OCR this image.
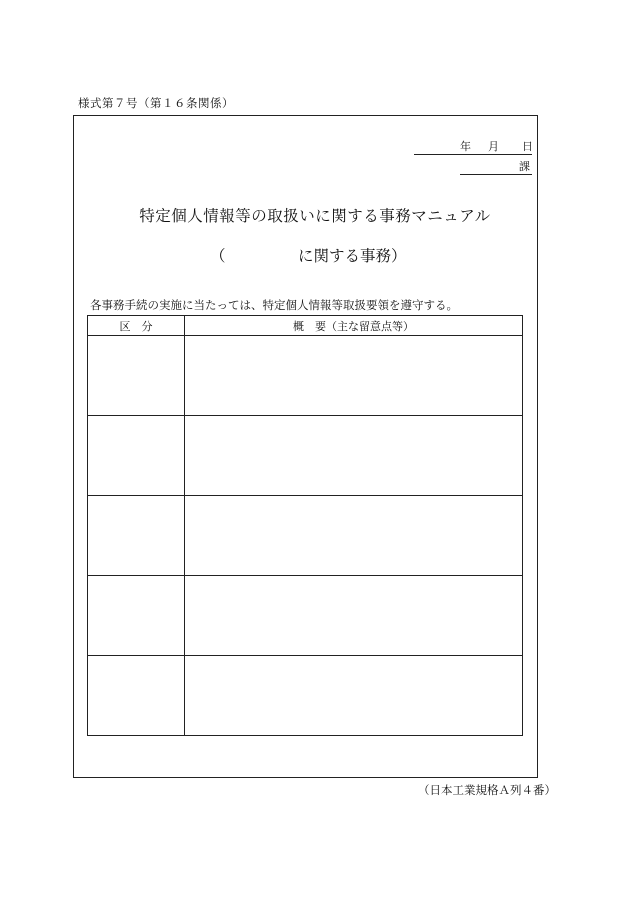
様式第７号（第１６条関係）
年 月 日
課
特定個人情報等の取扱いに関する事務マニュアル
（	に関する事務）
各事務手続の実施に当たっては、特定個人情報等取扱要領を遵守する。
区　分	概　要（主な留意点等）

（日本工業規格Ａ列４番）
